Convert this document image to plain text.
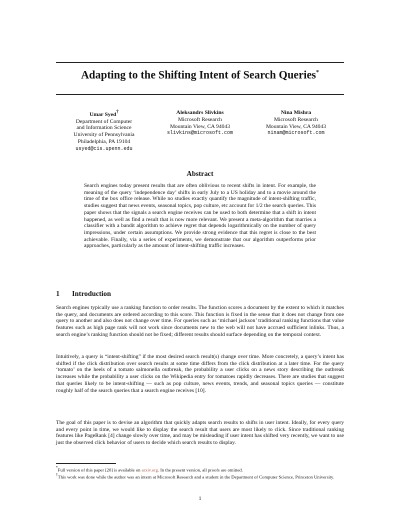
Adapting to the Shifting Intent of Search Queries*
Umar Syed†
Department of Computer
and Information Science
University of Pennsylvania
Philadelphia, PA 19104
usyed@cis.upenn.edu
Aleksandrs Slivkins
Microsoft Research
Mountain View, CA 94043
slivkins@microsoft.com
Nina Mishra
Microsoft Research
Mountain View, CA 94043
ninam@microsoft.com
Abstract
Search engines today present results that are often oblivious to recent shifts in intent. For example, the meaning of the query ‘independence day’ shifts in early July to a US holiday and to a movie around the time of the box office release. While no studies exactly quantify the magnitude of intent-shifting traffic, studies suggest that news events, seasonal topics, pop culture, etc account for 1/2 the search queries. This paper shows that the signals a search engine receives can be used to both determine that a shift in intent happened, as well as find a result that is now more relevant. We present a meta-algorithm that marries a classifier with a bandit algorithm to achieve regret that depends logarithmically on the number of query impressions, under certain assumptions. We provide strong evidence that this regret is close to the best achievable. Finally, via a series of experiments, we demonstrate that our algorithm outperforms prior approaches, particularly as the amount of intent-shifting traffic increases.
1 Introduction
Search engines typically use a ranking function to order results. The function scores a document by the extent to which it matches the query, and documents are ordered according to this score. This function is fixed in the sense that it does not change from one query to another and also does not change over time. For queries such as ‘michael jackson’ traditional ranking functions that value features such as high page rank will not work since documents new to the web will not have accrued sufficient inlinks. Thus, a search engine’s ranking function should not be fixed; different results should surface depending on the temporal context.
Intuitively, a query is “intent-shifting” if the most desired search result(s) change over time. More concretely, a query’s intent has shifted if the click distribution over search results at some time differs from the click distribution at a later time. For the query ‘tomato’ on the heels of a tomato salmonella outbreak, the probability a user clicks on a news story describing the outbreak increases while the probability a user clicks on the Wikipedia entry for tomatoes rapidly decreases. There are studies that suggest that queries likely to be intent-shifting — such as pop culture, news events, trends, and seasonal topics queries — constitute roughly half of the search queries that a search engine receives [10].
The goal of this paper is to devise an algorithm that quickly adapts search results to shifts in user intent. Ideally, for every query and every point in time, we would like to display the search result that users are most likely to click. Since traditional ranking features like PageRank [4] change slowly over time, and may be misleading if user intent has shifted very recently, we want to use just the observed click behavior of users to decide which search results to display.
*Full version of this paper [20] is available on arxiv.org. In the present version, all proofs are omitted.
†This work was done while the author was an intern at Microsoft Research and a student in the Department of Computer Science, Princeton University.
1
